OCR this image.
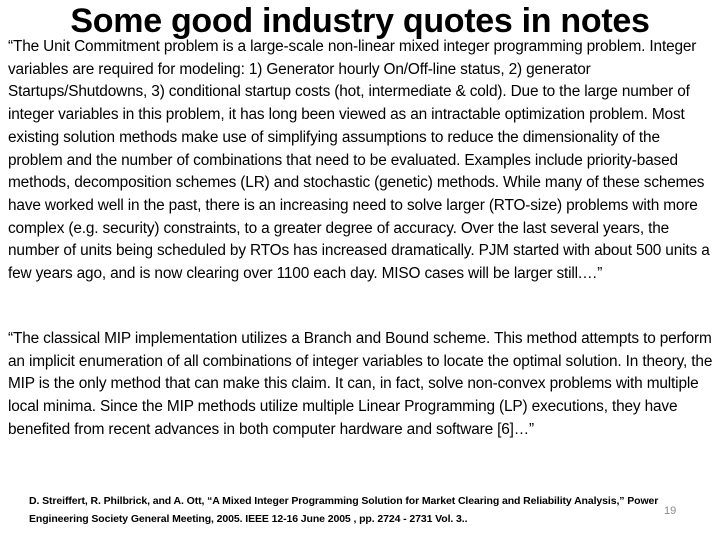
Some good industry quotes in notes
“The Unit Commitment problem is a large-scale non-linear mixed integer programming problem. Integer variables are required for modeling: 1) Generator hourly On/Off-line status, 2) generator Startups/Shutdowns, 3) conditional startup costs (hot, intermediate & cold). Due to the large number of integer variables in this problem, it has long been viewed as an intractable optimization problem. Most existing solution methods make use of simplifying assumptions to reduce the dimensionality of the problem and the number of combinations that need to be evaluated. Examples include priority-based methods, decomposition schemes (LR) and stochastic (genetic) methods. While many of these schemes have worked well in the past, there is an increasing need to solve larger (RTO-size) problems with more complex (e.g. security) constraints, to a greater degree of accuracy. Over the last several years, the number of units being scheduled by RTOs has increased dramatically. PJM started with about 500 units a few years ago, and is now clearing over 1100 each day. MISO cases will be larger still.…”
“The classical MIP implementation utilizes a Branch and Bound scheme. This method attempts to perform an implicit enumeration of all combinations of integer variables to locate the optimal solution. In theory, the MIP is the only method that can make this claim. It can, in fact, solve non-convex problems with multiple local minima. Since the MIP methods utilize multiple Linear Programming (LP) executions, they have benefited from recent advances in both computer hardware and software [6]…”
D. Streiffert, R. Philbrick, and A. Ott, “A Mixed Integer Programming Solution for Market Clearing and Reliability Analysis,” Power Engineering Society General Meeting, 2005. IEEE 12-16 June 2005 , pp. 2724 - 2731 Vol. 3..
19
